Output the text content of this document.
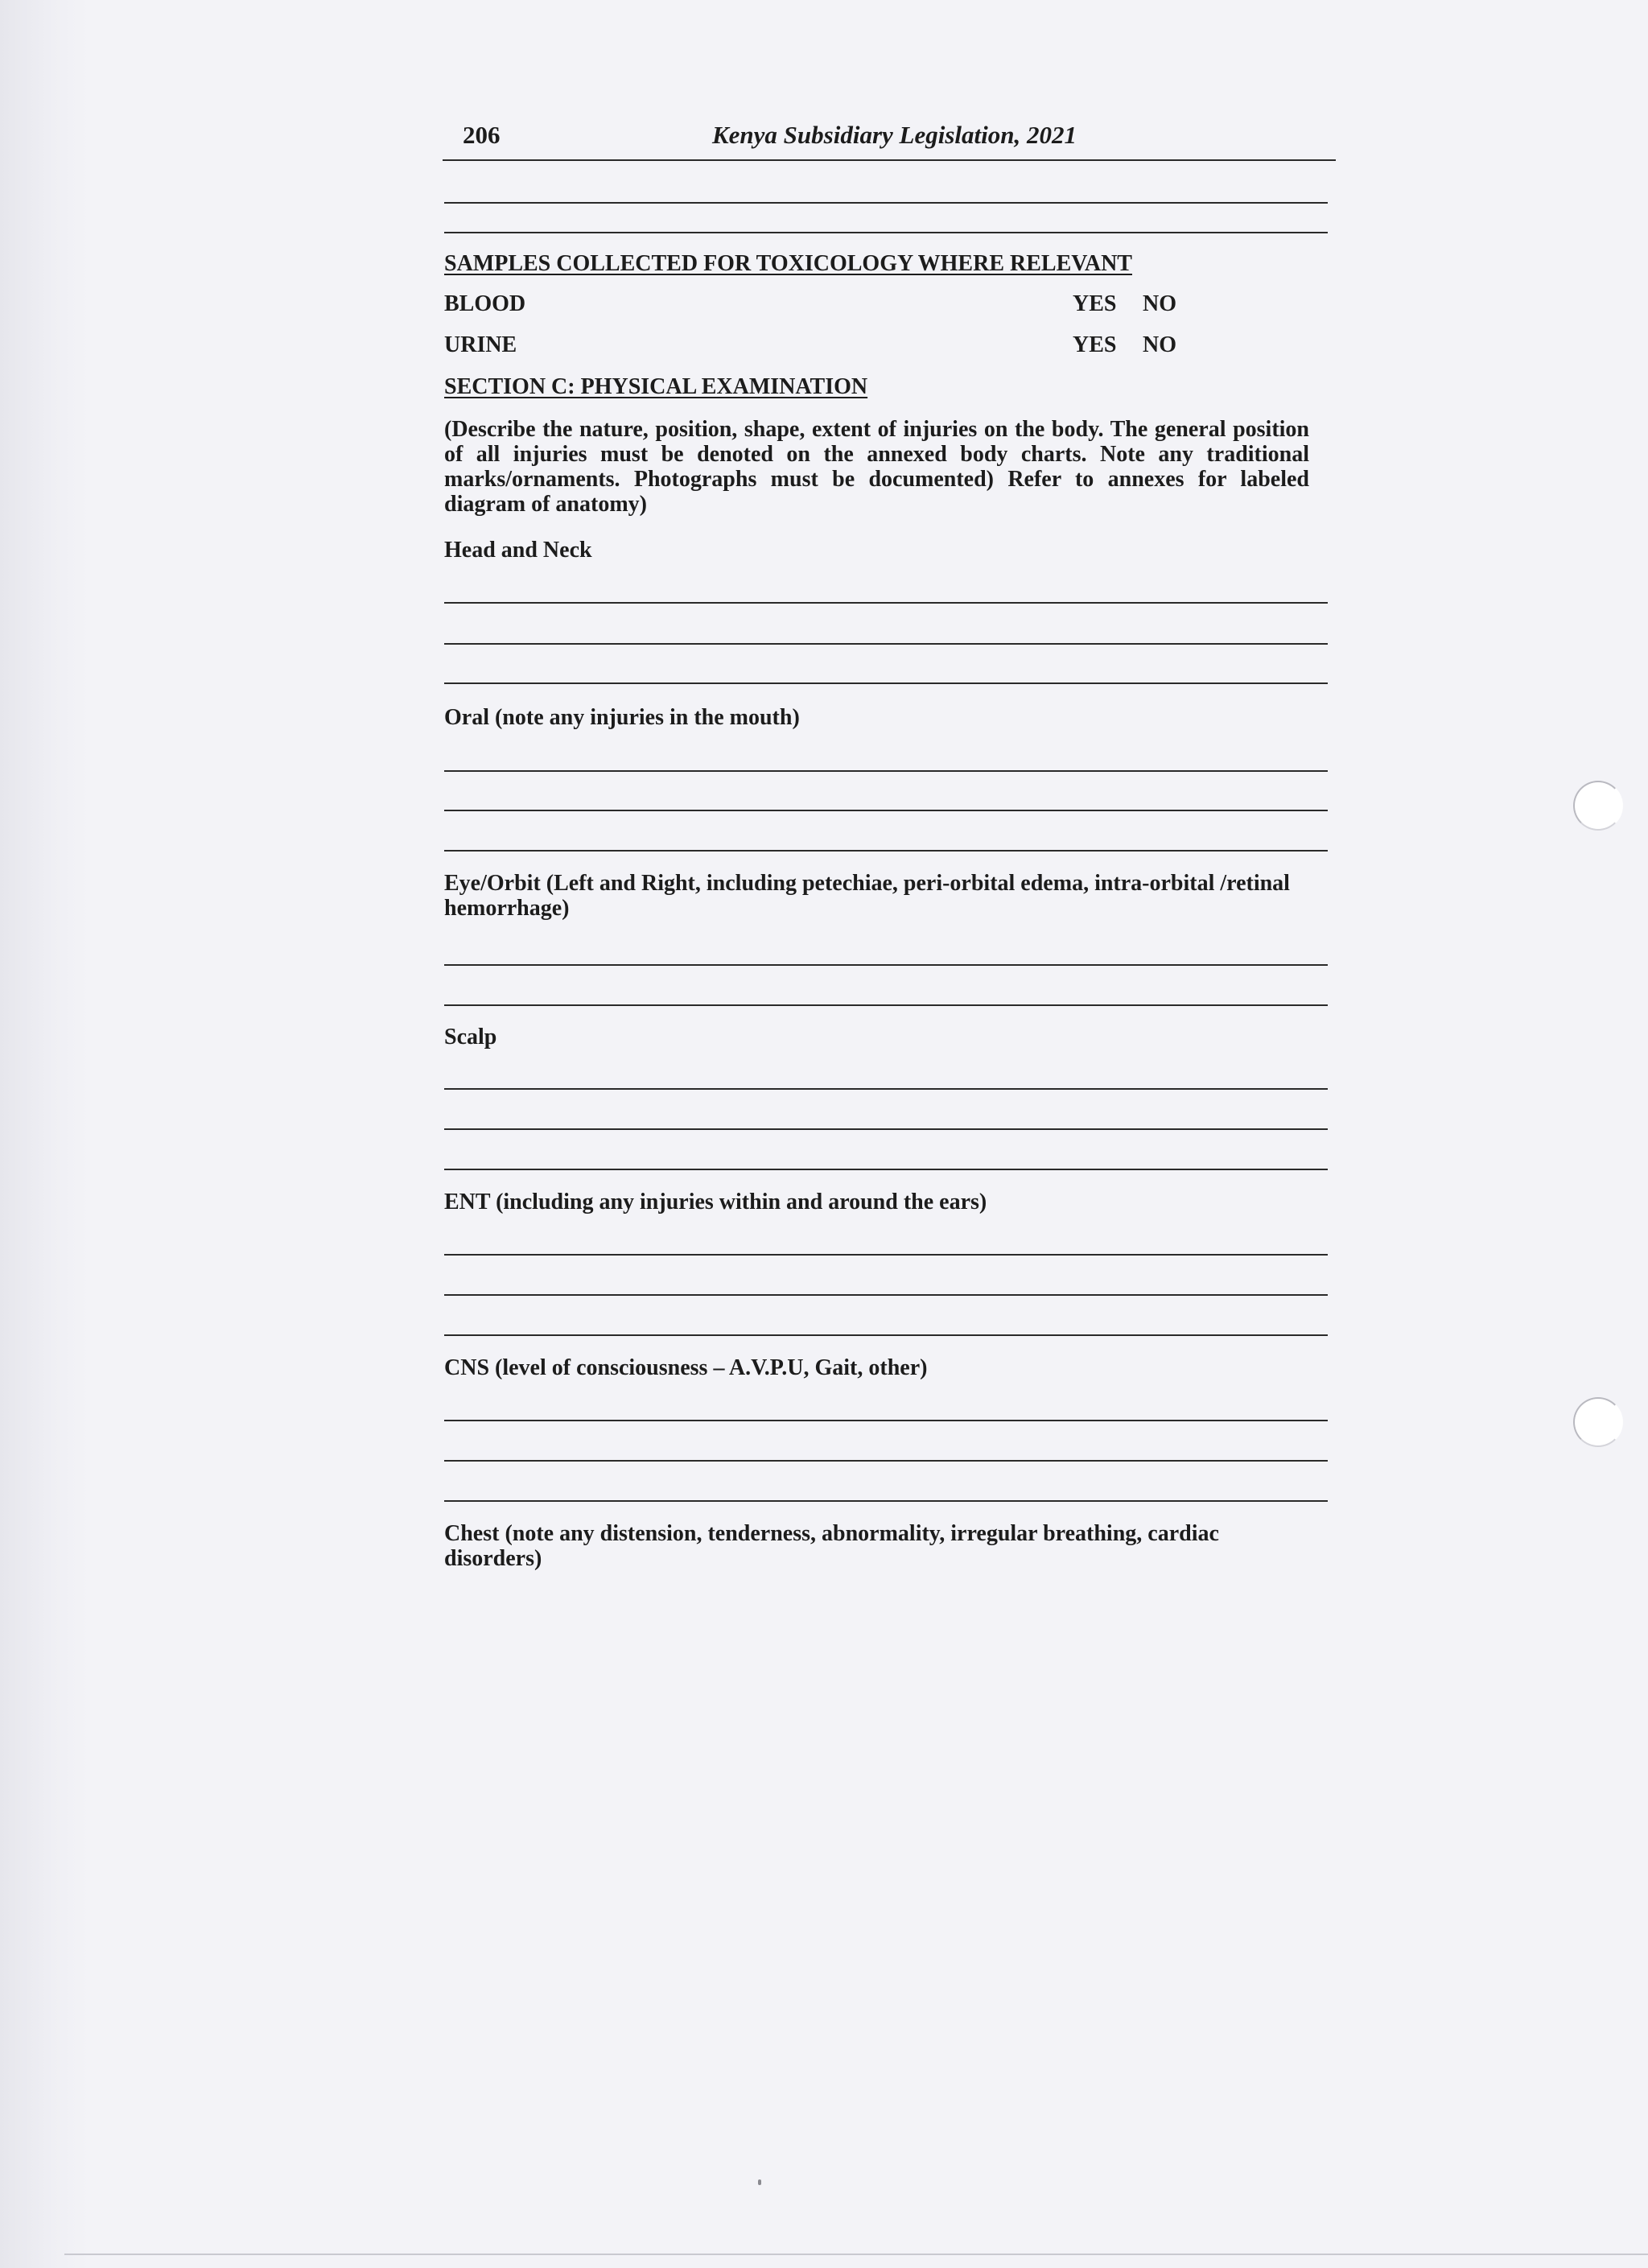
206	Kenya Subsidiary Legislation, 2021
SAMPLES COLLECTED FOR TOXICOLOGY WHERE RELEVANT
BLOOD	YES NO
URINE	YES NO
SECTION C: PHYSICAL EXAMINATION
(Describe the nature, position, shape, extent of injuries on the body. The general position of all injuries must be denoted on the annexed body charts. Note any traditional marks/ornaments. Photographs must be documented) Refer to annexes for labeled diagram of anatomy)
Head and Neck
Oral (note any injuries in the mouth)
Eye/Orbit (Left and Right, including petechiae, peri-orbital edema, intra-orbital /retinal hemorrhage)
Scalp
ENT (including any injuries within and around the ears)
CNS (level of consciousness – A.V.P.U, Gait, other)
Chest (note any distension, tenderness, abnormality, irregular breathing, cardiac disorders)
